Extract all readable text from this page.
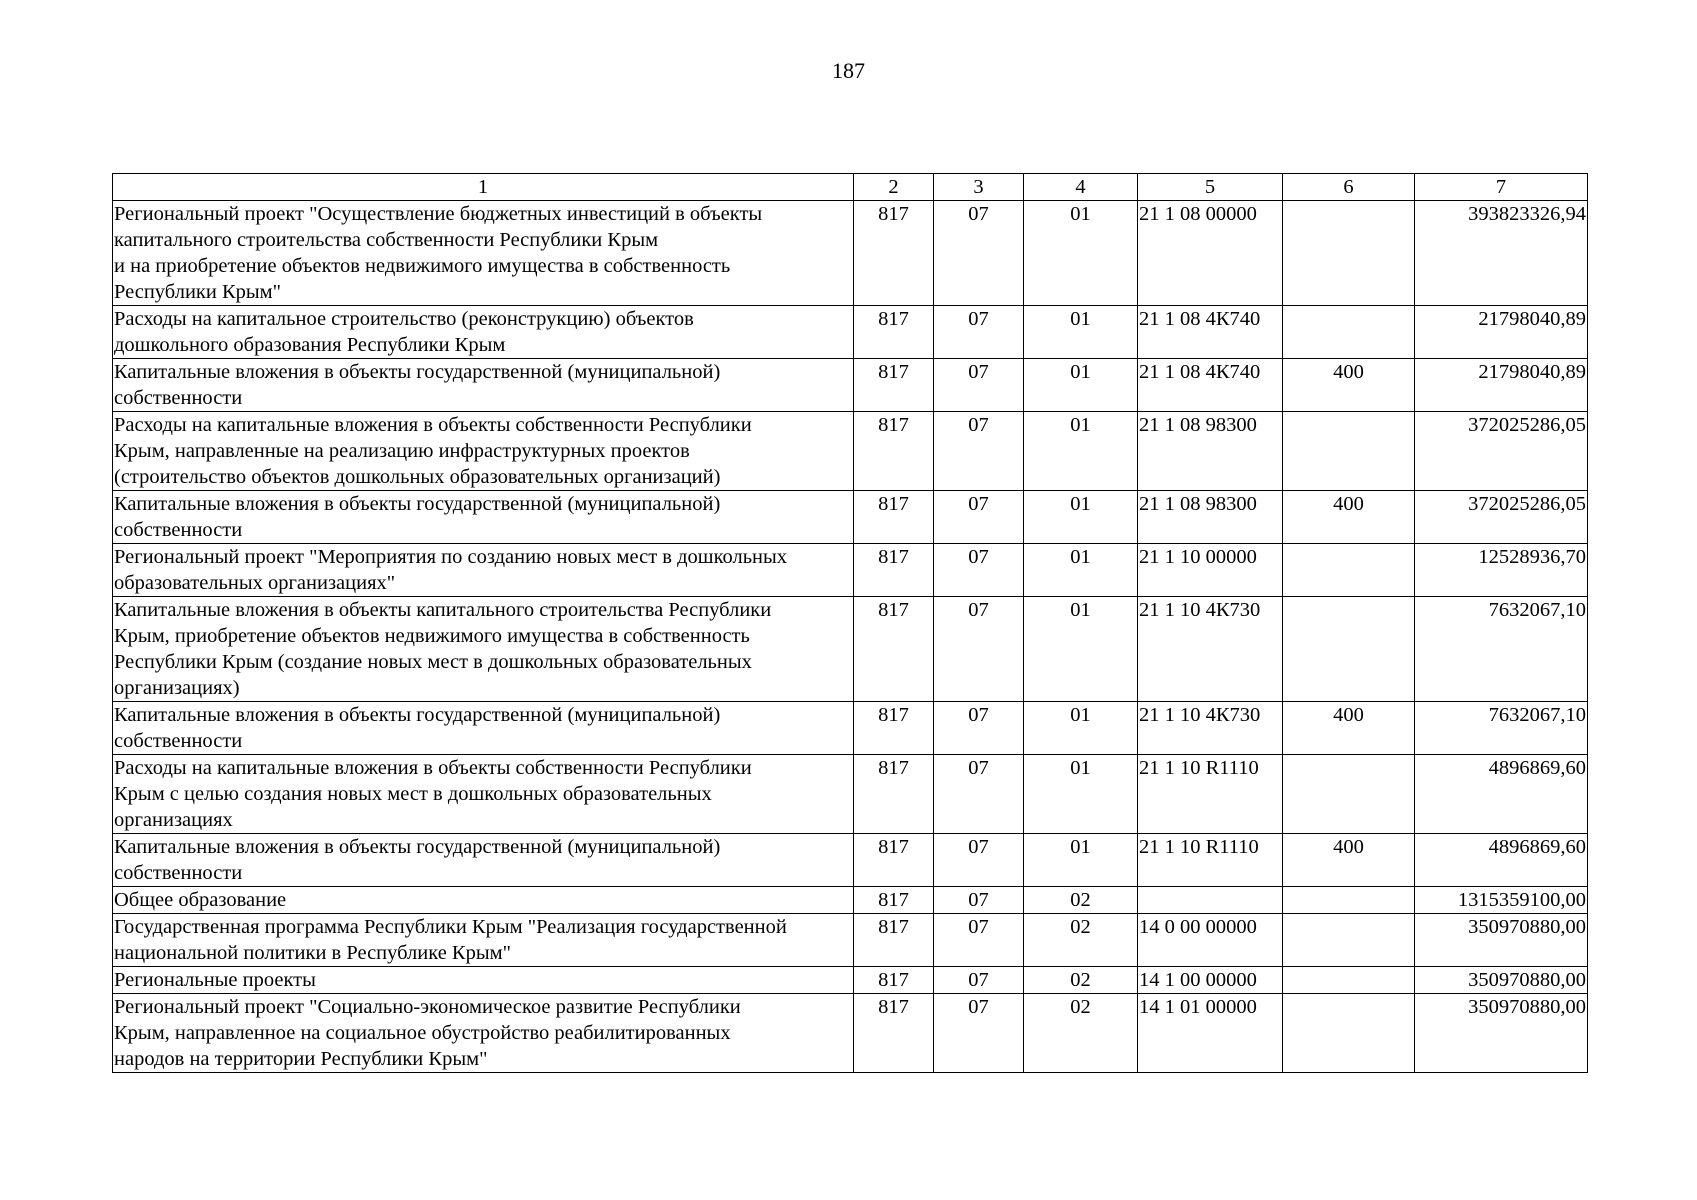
187
1	2	3	4	5	6	7

Региональный проект "Осуществление бюджетных инвестиций в объекты
капитального строительства собственности Республики Крым
и на приобретение объектов недвижимого имущества в собственность
Республики Крым"	817	07	01	21 1 08 00000		393823326,94

Расходы на капитальное строительство (реконструкцию) объектов
дошкольного образования Республики Крым	817	07	01	21 1 08 4К740		21798040,89

Капитальные вложения в объекты государственной (муниципальной)
собственности	817	07	01	21 1 08 4К740	400	21798040,89

Расходы на капитальные вложения в объекты собственности Республики
Крым, направленные на реализацию инфраструктурных проектов
(строительство объектов дошкольных образовательных организаций)	817	07	01	21 1 08 98300		372025286,05

Капитальные вложения в объекты государственной (муниципальной)
собственности	817	07	01	21 1 08 98300	400	372025286,05

Региональный проект "Мероприятия по созданию новых мест в дошкольных
образовательных организациях"	817	07	01	21 1 10 00000		12528936,70

Капитальные вложения в объекты капитального строительства Республики
Крым, приобретение объектов недвижимого имущества в собственность
Республики Крым (создание новых мест в дошкольных образовательных
организациях)	817	07	01	21 1 10 4К730		7632067,10

Капитальные вложения в объекты государственной (муниципальной)
собственности	817	07	01	21 1 10 4К730	400	7632067,10

Расходы на капитальные вложения в объекты собственности Республики
Крым с целью создания новых мест в дошкольных образовательных
организациях	817	07	01	21 1 10 R1110		4896869,60

Капитальные вложения в объекты государственной (муниципальной)
собственности	817	07	01	21 1 10 R1110	400	4896869,60

Общее образование	817	07	02			1315359100,00

Государственная программа Республики Крым "Реализация государственной
национальной политики в Республике Крым"	817	07	02	14 0 00 00000		350970880,00

Региональные проекты	817	07	02	14 1 00 00000		350970880,00

Региональный проект "Социально-экономическое развитие Республики
Крым, направленное на социальное обустройство реабилитированных
народов на территории Республики Крым"	817	07	02	14 1 01 00000		350970880,00
